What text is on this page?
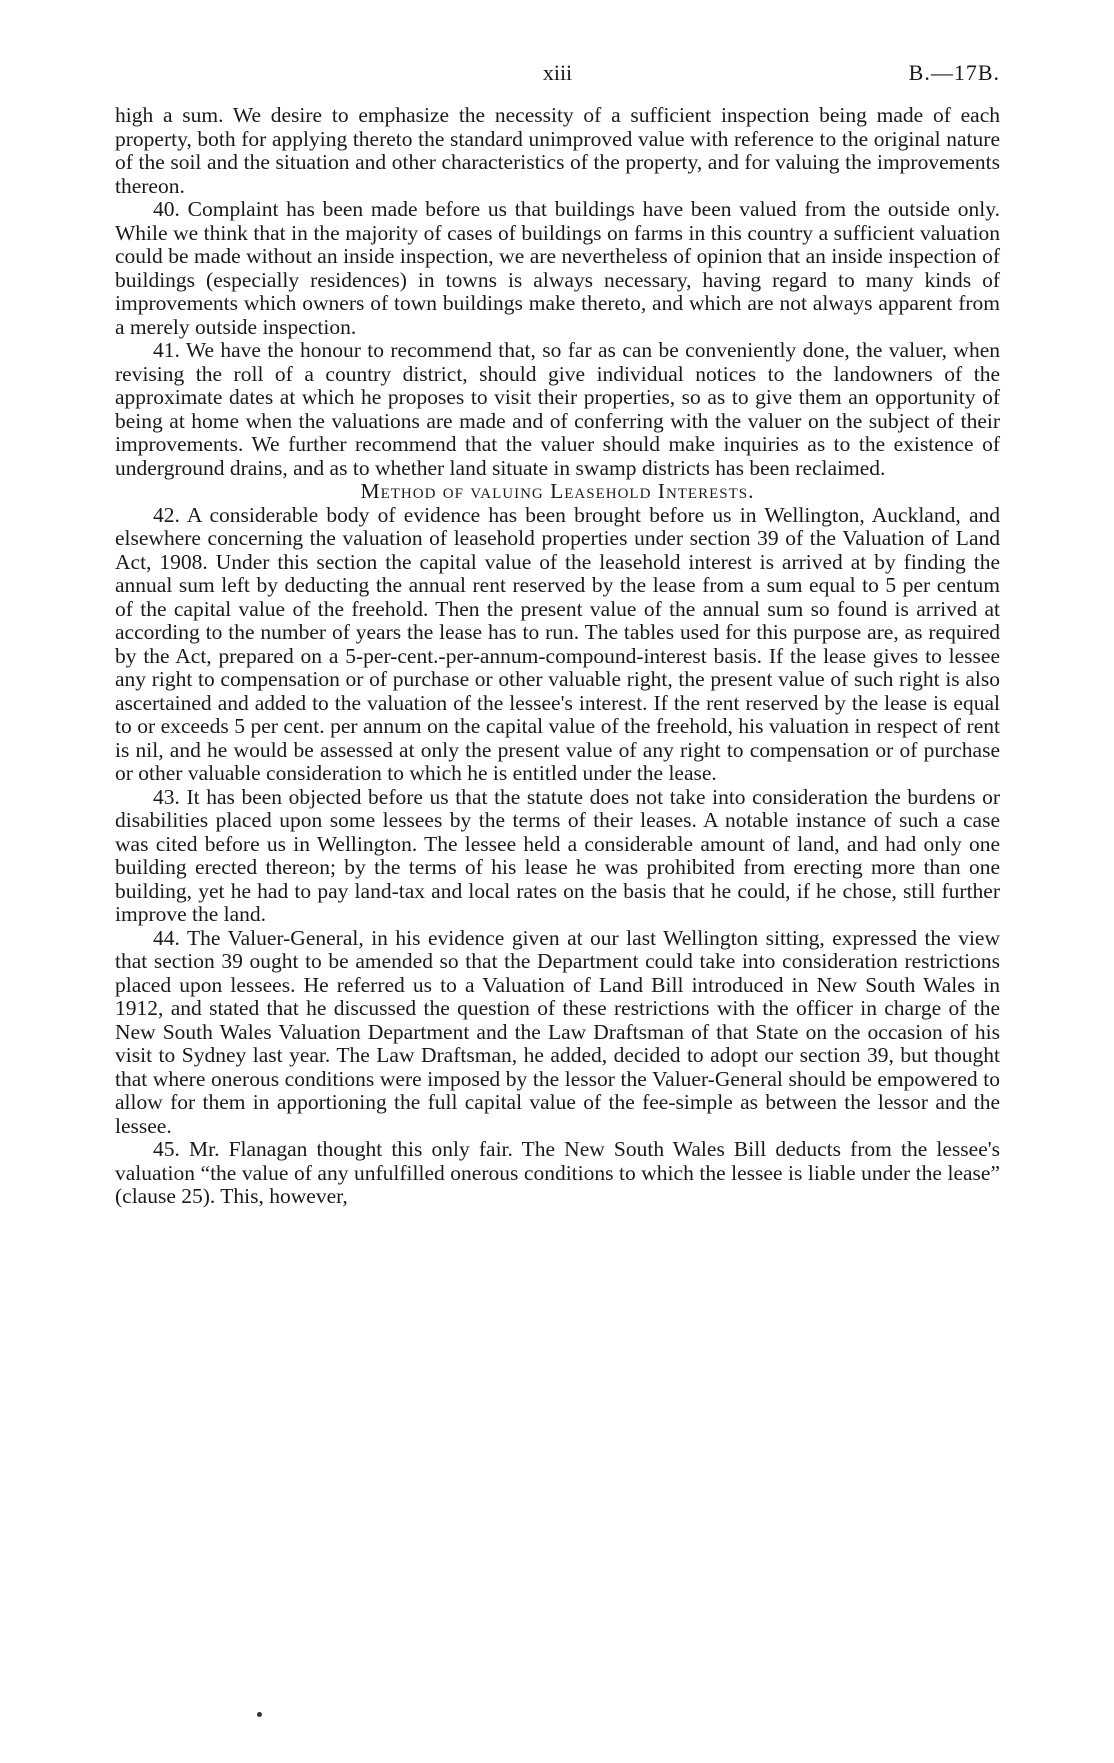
xiii	B.—17B.

high a sum. We desire to emphasize the necessity of a sufficient inspection being made of each property, both for applying thereto the standard unimproved value with reference to the original nature of the soil and the situation and other characteristics of the property, and for valuing the improvements thereon.

40. Complaint has been made before us that buildings have been valued from the outside only. While we think that in the majority of cases of buildings on farms in this country a sufficient valuation could be made without an inside inspection, we are nevertheless of opinion that an inside inspection of buildings (especially residences) in towns is always necessary, having regard to many kinds of improvements which owners of town buildings make thereto, and which are not always apparent from a merely outside inspection.

41. We have the honour to recommend that, so far as can be conveniently done, the valuer, when revising the roll of a country district, should give individual notices to the landowners of the approximate dates at which he proposes to visit their properties, so as to give them an opportunity of being at home when the valuations are made and of conferring with the valuer on the subject of their improvements. We further recommend that the valuer should make inquiries as to the existence of underground drains, and as to whether land situate in swamp districts has been reclaimed.

Method of valuing Leasehold Interests.

42. A considerable body of evidence has been brought before us in Wellington, Auckland, and elsewhere concerning the valuation of leasehold properties under section 39 of the Valuation of Land Act, 1908. Under this section the capital value of the leasehold interest is arrived at by finding the annual sum left by deducting the annual rent reserved by the lease from a sum equal to 5 per centum of the capital value of the freehold. Then the present value of the annual sum so found is arrived at according to the number of years the lease has to run. The tables used for this purpose are, as required by the Act, prepared on a 5-per-cent.-per-annum-compound-interest basis. If the lease gives to lessee any right to compensation or of purchase or other valuable right, the present value of such right is also ascertained and added to the valuation of the lessee's interest. If the rent reserved by the lease is equal to or exceeds 5 per cent. per annum on the capital value of the freehold, his valuation in respect of rent is nil, and he would be assessed at only the present value of any right to compensation or of purchase or other valuable consideration to which he is entitled under the lease.

43. It has been objected before us that the statute does not take into consideration the burdens or disabilities placed upon some lessees by the terms of their leases. A notable instance of such a case was cited before us in Wellington. The lessee held a considerable amount of land, and had only one building erected thereon; by the terms of his lease he was prohibited from erecting more than one building, yet he had to pay land-tax and local rates on the basis that he could, if he chose, still further improve the land.

44. The Valuer-General, in his evidence given at our last Wellington sitting, expressed the view that section 39 ought to be amended so that the Department could take into consideration restrictions placed upon lessees. He referred us to a Valuation of Land Bill introduced in New South Wales in 1912, and stated that he discussed the question of these restrictions with the officer in charge of the New South Wales Valuation Department and the Law Draftsman of that State on the occasion of his visit to Sydney last year. The Law Draftsman, he added, decided to adopt our section 39, but thought that where onerous conditions were imposed by the lessor the Valuer-General should be empowered to allow for them in apportioning the full capital value of the fee-simple as between the lessor and the lessee.

45. Mr. Flanagan thought this only fair. The New South Wales Bill deducts from the lessee's valuation “the value of any unfulfilled onerous conditions to which the lessee is liable under the lease” (clause 25). This, however,
